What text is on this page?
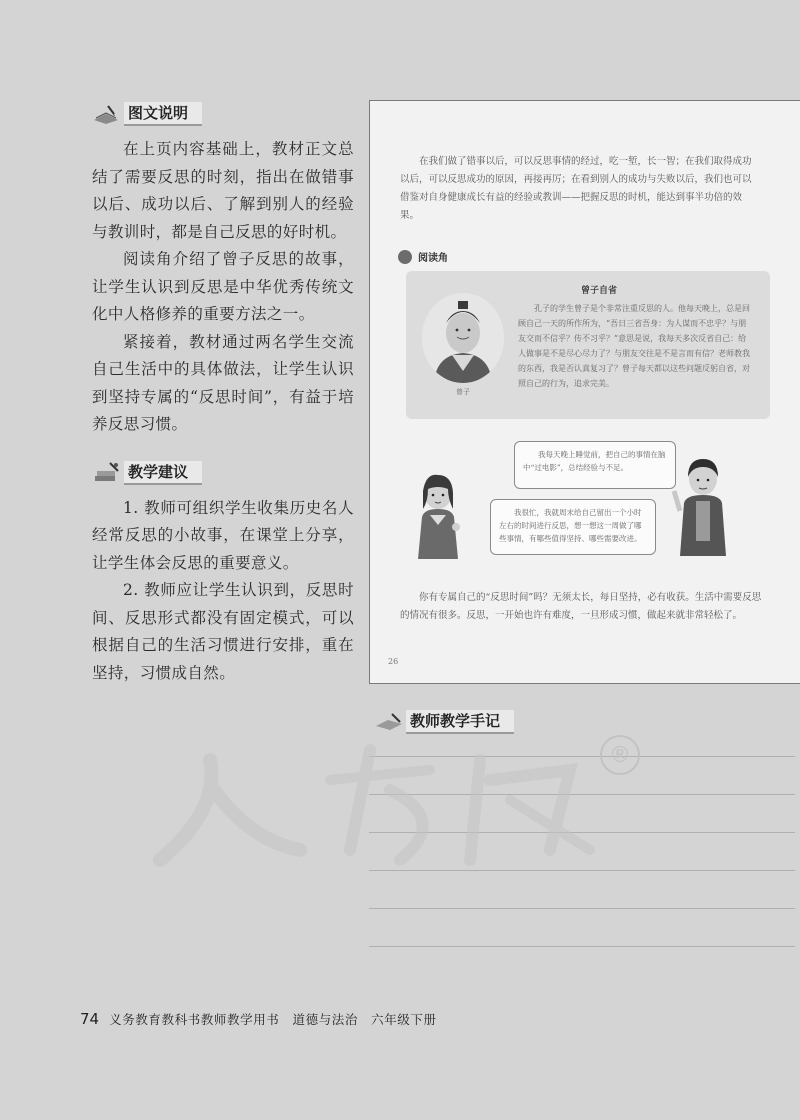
图文说明

在上页内容基础上，教材正文总结了需要反思的时刻，指出在做错事以后、成功以后、了解到别人的经验与教训时，都是自己反思的好时机。

阅读角介绍了曾子反思的故事，让学生认识到反思是中华优秀传统文化中人格修养的重要方法之一。

紧接着，教材通过两名学生交流自己生活中的具体做法，让学生认识到坚持专属的“反思时间”，有益于培养反思习惯。

教学建议

1. 教师可组织学生收集历史名人经常反思的小故事，在课堂上分享，让学生体会反思的重要意义。

2. 教师应让学生认识到，反思时间、反思形式都没有固定模式，可以根据自己的生活习惯进行安排，重在坚持，习惯成自然。

在我们做了错事以后，可以反思事情的经过，吃一堑，长一智；在我们取得成功以后，可以反思成功的原因，再接再厉；在看到别人的成功与失败以后，我们也可以借鉴对自身健康成长有益的经验或教训——把握反思的时机，能达到事半功倍的效果。

阅读角
曾子
曾子自省

孔子的学生曾子是个非常注重反思的人。他每天晚上，总是回顾自己一天的所作所为，“吾日三省吾身：为人谋而不忠乎？与朋友交而不信乎？传不习乎？”意思是说，我每天多次反省自己：给人做事是不是尽心尽力了？与朋友交往是不是言而有信？老师教我的东西，我是否认真复习了？曾子每天都以这些问题反躬自省，对照自己的行为，追求完美。

我每天晚上睡觉前，把自己的事情在脑中“过电影”，总结经验与不足。

我很忙，我就周末给自己留出一个小时左右的时间进行反思，想一想这一周做了哪些事情，有哪些值得坚持、哪些需要改进。

你有专属自己的“反思时间”吗？无须太长，每日坚持，必有收获。生活中需要反思的情况有很多。反思，一开始也许有难度，一旦形成习惯，做起来就非常轻松了。

26
教师教学手记
®
74 义务教育教科书教师教学用书　道德与法治　六年级下册
